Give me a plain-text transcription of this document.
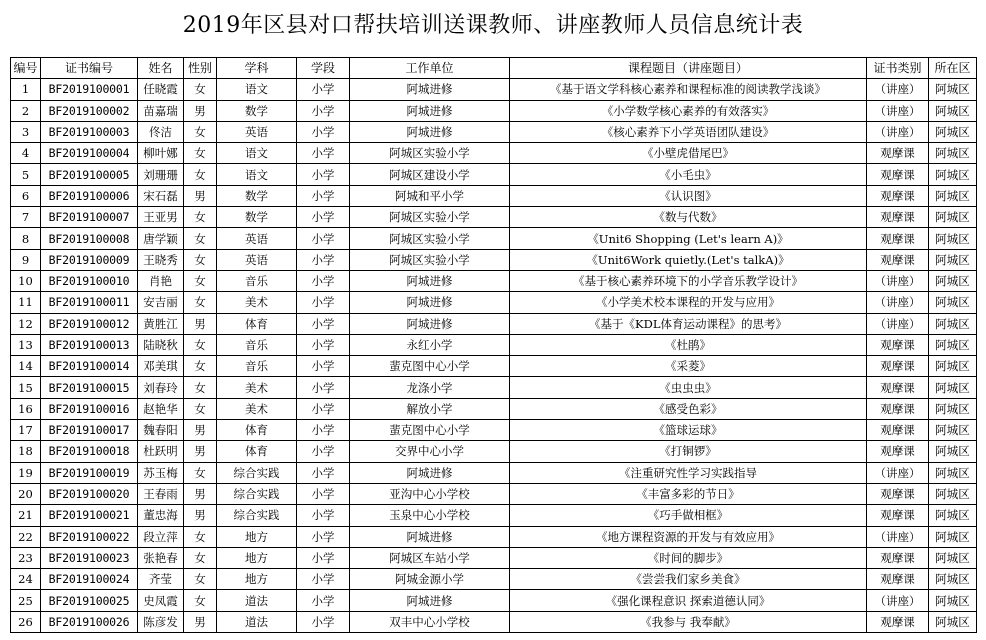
2019年区县对口帮扶培训送课教师、讲座教师人员信息统计表
编号	证书编号	姓名	性别	学科	学段	工作单位	课程题目（讲座题目）	证书类别	所在区
1	BF2019100001	任晓霞	女	语文	小学	阿城进修	《基于语文学科核心素养和课程标准的阅读教学浅谈》	（讲座）	阿城区
2	BF2019100002	苗嘉瑞	男	数学	小学	阿城进修	《小学数学核心素养的有效落实》	（讲座）	阿城区
3	BF2019100003	佟洁	女	英语	小学	阿城进修	《核心素养下小学英语团队建设》	（讲座）	阿城区
4	BF2019100004	柳叶娜	女	语文	小学	阿城区实验小学	《小壁虎借尾巴》	观摩课	阿城区
5	BF2019100005	刘珊珊	女	语文	小学	阿城区建设小学	《小毛虫》	观摩课	阿城区
6	BF2019100006	宋石磊	男	数学	小学	阿城和平小学	《认识图》	观摩课	阿城区
7	BF2019100007	王亚男	女	数学	小学	阿城区实验小学	《数与代数》	观摩课	阿城区
8	BF2019100008	唐学颖	女	英语	小学	阿城区实验小学	《Unit6 Shopping (Let's learn A)》	观摩课	阿城区
9	BF2019100009	王晓秀	女	英语	小学	阿城区实验小学	《Unit6Work quietly.(Let's talkA)》	观摩课	阿城区
10	BF2019100010	肖艳	女	音乐	小学	阿城进修	《基于核心素养环境下的小学音乐教学设计》	（讲座）	阿城区
11	BF2019100011	安吉丽	女	美术	小学	阿城进修	《小学美术校本课程的开发与应用》	（讲座）	阿城区
12	BF2019100012	黄胜江	男	体育	小学	阿城进修	《基于《KDL体育运动课程》的思考》	（讲座）	阿城区
13	BF2019100013	陆晓秋	女	音乐	小学	永红小学	《杜鹃》	观摩课	阿城区
14	BF2019100014	邓美琪	女	音乐	小学	蜚克图中心小学	《采菱》	观摩课	阿城区
15	BF2019100015	刘春玲	女	美术	小学	龙涤小学	《虫虫虫》	观摩课	阿城区
16	BF2019100016	赵艳华	女	美术	小学	解放小学	《感受色彩》	观摩课	阿城区
17	BF2019100017	魏春阳	男	体育	小学	蜚克图中心小学	《篮球运球》	观摩课	阿城区
18	BF2019100018	杜跃明	男	体育	小学	交界中心小学	《打铜锣》	观摩课	阿城区
19	BF2019100019	苏玉梅	女	综合实践	小学	阿城进修	《注重研究性学习实践指导	（讲座）	阿城区
20	BF2019100020	王春雨	男	综合实践	小学	亚沟中心小学校	《丰富多彩的节日》	观摩课	阿城区
21	BF2019100021	董忠海	男	综合实践	小学	玉泉中心小学校	《巧手做相框》	观摩课	阿城区
22	BF2019100022	段立萍	女	地方	小学	阿城进修	《地方课程资源的开发与有效应用》	（讲座）	阿城区
23	BF2019100023	张艳春	女	地方	小学	阿城区车站小学	《时间的脚步》	观摩课	阿城区
24	BF2019100024	齐莹	女	地方	小学	阿城金源小学	《尝尝我们家乡美食》	观摩课	阿城区
25	BF2019100025	史凤霞	女	道法	小学	阿城进修	《强化课程意识 探索道德认同》	（讲座）	阿城区
26	BF2019100026	陈彦发	男	道法	小学	双丰中心小学校	《我参与 我奉献》	观摩课	阿城区
